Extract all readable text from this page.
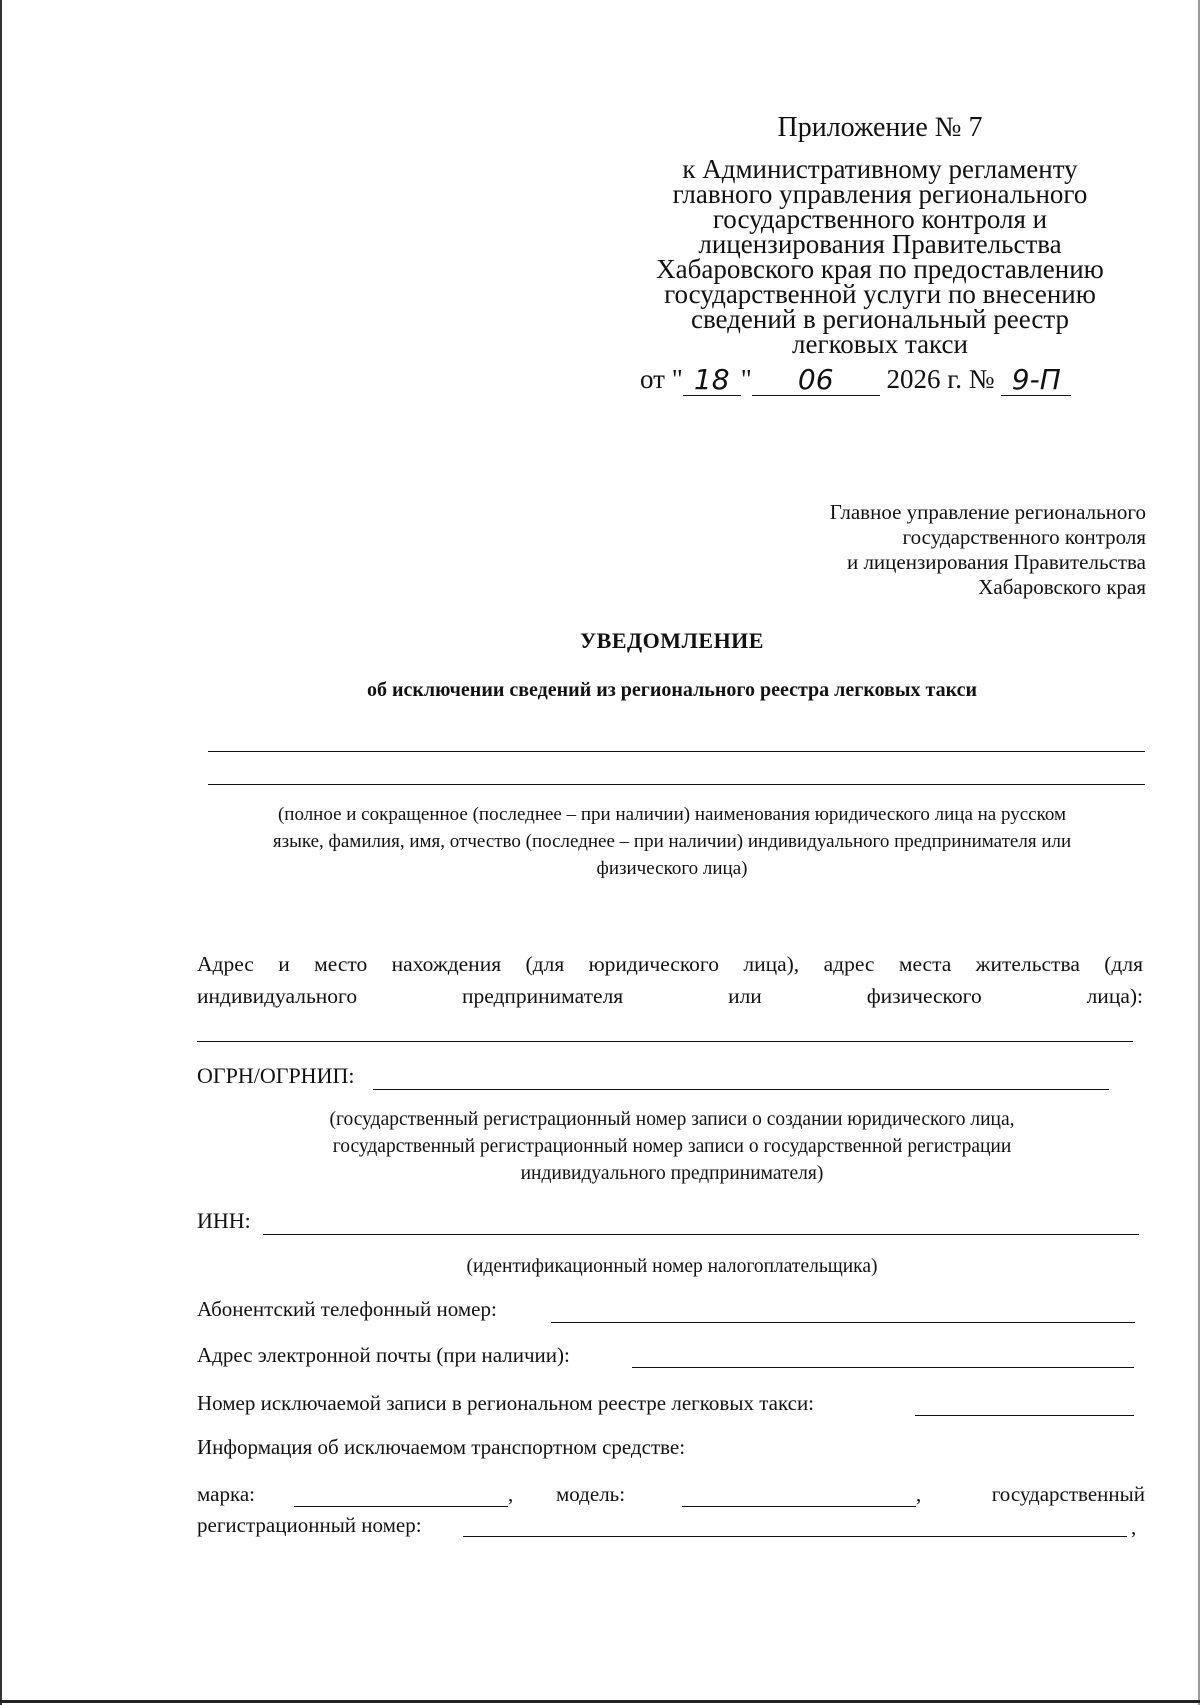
Приложение № 7
к Административному регламенту
главного управления регионального
государственного контроля и
лицензирования Правительства
Хабаровского края по предоставлению
государственной услуги по внесению
сведений в региональный реестр
легковых такси
от " 18 " 06 2026 г. № 9-П
Главное управление регионального
государственного контроля
и лицензирования Правительства
Хабаровского края
УВЕДОМЛЕНИЕ
об исключении сведений из регионального реестра легковых такси
(полное и сокращенное (последнее – при наличии) наименования юридического лица на русском
языке, фамилия, имя, отчество (последнее – при наличии) индивидуального предпринимателя или
физического лица)
Адрес и место нахождения (для юридического лица), адрес места жительства (для
индивидуального предпринимателя или физического лица):
ОГРН/ОГРНИП:
(государственный регистрационный номер записи о создании юридического лица,
государственный регистрационный номер записи о государственной регистрации
индивидуального предпринимателя)
ИНН:
(идентификационный номер налогоплательщика)
Абонентский телефонный номер:
Адрес электронной почты (при наличии):
Номер исключаемой записи в региональном реестре легковых такси:
Информация об исключаемом транспортном средстве:
марка:	, модель:	,	государственный
регистрационный номер:	,
